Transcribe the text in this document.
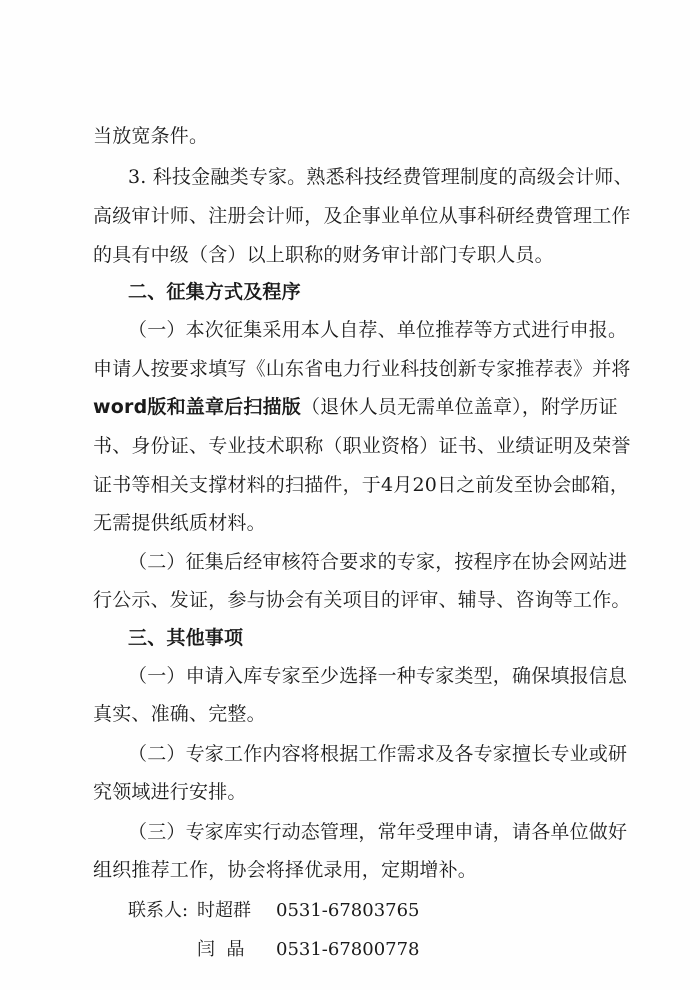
当放宽条件。
3. 科技金融类专家。熟悉科技经费管理制度的高级会计师、
高级审计师、注册会计师，及企事业单位从事科研经费管理工作
的具有中级（含）以上职称的财务审计部门专职人员。
二、征集方式及程序
（一）本次征集采用本人自荐、单位推荐等方式进行申报。
申请人按要求填写《山东省电力行业科技创新专家推荐表》并将
word版和盖章后扫描版（退休人员无需单位盖章），附学历证
书、身份证、专业技术职称（职业资格）证书、业绩证明及荣誉
证书等相关支撑材料的扫描件，于4月20日之前发至协会邮箱，
无需提供纸质材料。
（二）征集后经审核符合要求的专家，按程序在协会网站进
行公示、发证，参与协会有关项目的评审、辅导、咨询等工作。
三、其他事项
（一）申请入库专家至少选择一种专家类型，确保填报信息
真实、准确、完整。
（二）专家工作内容将根据工作需求及各专家擅长专业或研
究领域进行安排。
（三）专家库实行动态管理，常年受理申请，请各单位做好
组织推荐工作，协会将择优录用，定期增补。
联系人: 时超群 0531-67803765
闫  晶 0531-67800778
